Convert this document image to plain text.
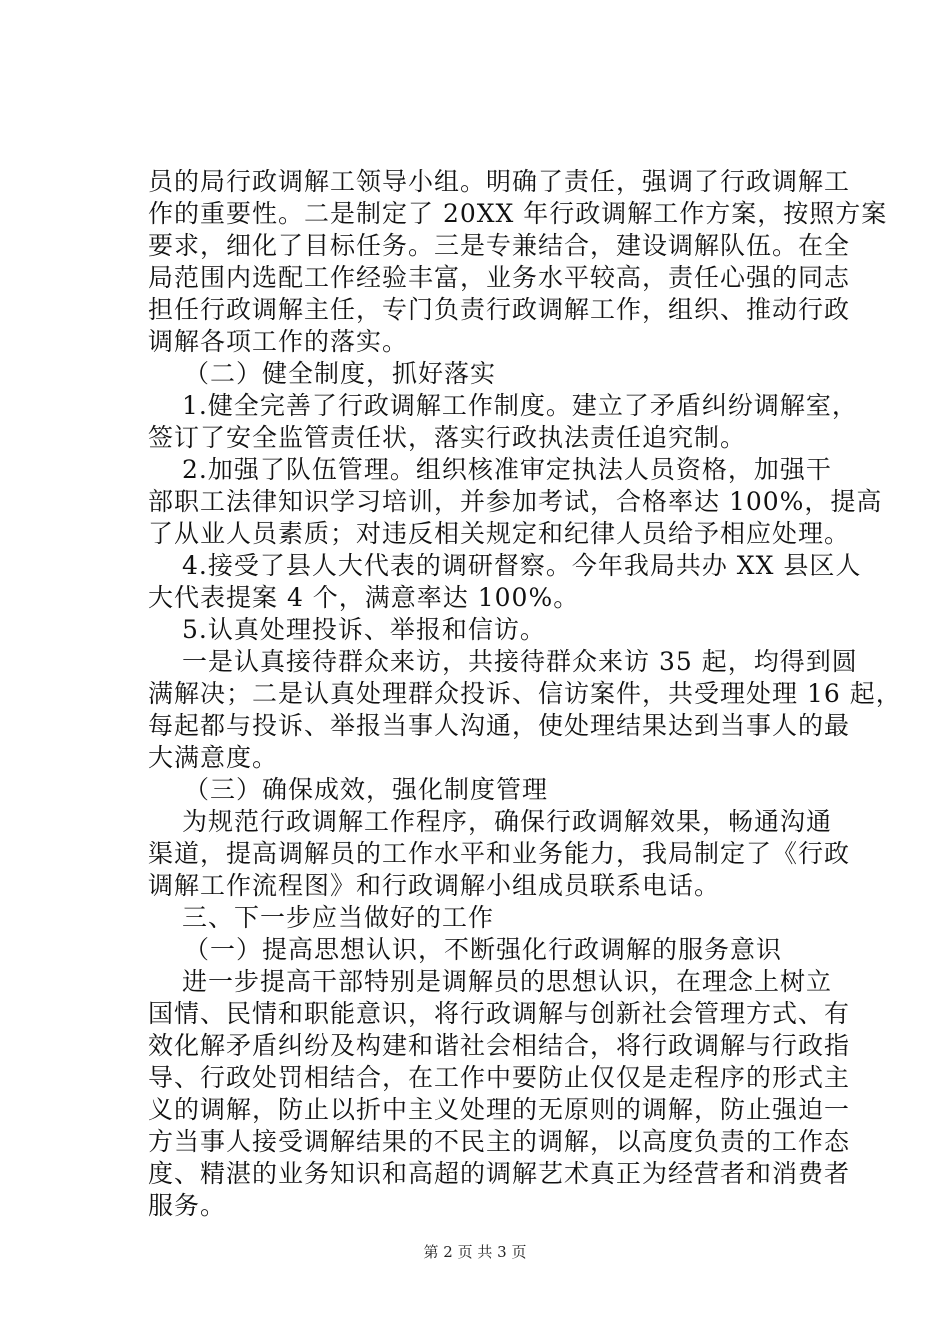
员的局行政调解工领导小组。明确了责任，强调了行政调解工
作的重要性。二是制定了 20XX 年行政调解工作方案，按照方案
要求，细化了目标任务。三是专兼结合，建设调解队伍。在全
局范围内选配工作经验丰富，业务水平较高，责任心强的同志
担任行政调解主任，专门负责行政调解工作，组织、推动行政
调解各项工作的落实。
（二）健全制度，抓好落实
1.健全完善了行政调解工作制度。建立了矛盾纠纷调解室，
签订了安全监管责任状，落实行政执法责任追究制。
2.加强了队伍管理。组织核准审定执法人员资格，加强干
部职工法律知识学习培训，并参加考试，合格率达 100%，提高
了从业人员素质；对违反相关规定和纪律人员给予相应处理。
4.接受了县人大代表的调研督察。今年我局共办 XX 县区人
大代表提案 4 个，满意率达 100%。
5.认真处理投诉、举报和信访。
一是认真接待群众来访，共接待群众来访 35 起，均得到圆
满解决；二是认真处理群众投诉、信访案件，共受理处理 16 起，
每起都与投诉、举报当事人沟通，使处理结果达到当事人的最
大满意度。
（三）确保成效，强化制度管理
为规范行政调解工作程序，确保行政调解效果，畅通沟通
渠道，提高调解员的工作水平和业务能力，我局制定了《行政
调解工作流程图》和行政调解小组成员联系电话。
三、下一步应当做好的工作
（一）提高思想认识，不断强化行政调解的服务意识
进一步提高干部特别是调解员的思想认识，在理念上树立
国情、民情和职能意识，将行政调解与创新社会管理方式、有
效化解矛盾纠纷及构建和谐社会相结合，将行政调解与行政指
导、行政处罚相结合，在工作中要防止仅仅是走程序的形式主
义的调解，防止以折中主义处理的无原则的调解，防止强迫一
方当事人接受调解结果的不民主的调解，以高度负责的工作态
度、精湛的业务知识和高超的调解艺术真正为经营者和消费者
服务。
第 2 页 共 3 页
